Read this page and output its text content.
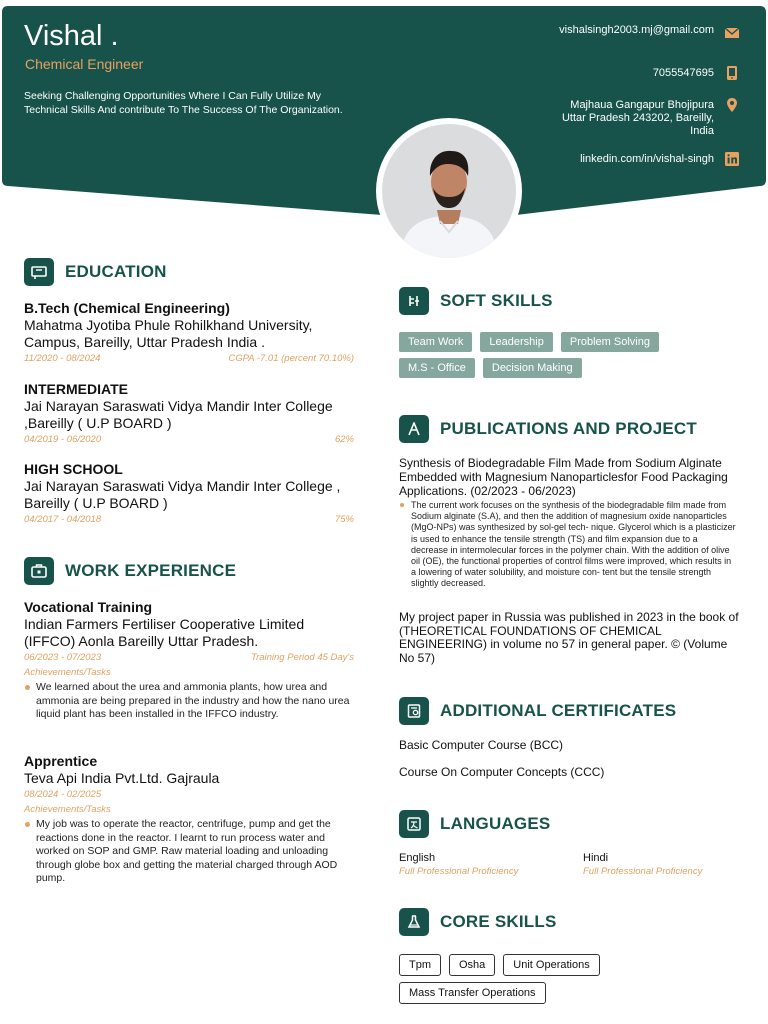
Vishal .
Chemical Engineer
Seeking Challenging Opportunities Where I Can Fully Utilize My Technical Skills And contribute To The Success Of The Organization.
vishalsingh2003.mj@gmail.com
7055547695
Majhaua Gangapur Bhojipura Uttar Pradesh 243202, Bareilly, India
linkedin.com/in/vishal-singh
EDUCATION
B.Tech (Chemical Engineering)
Mahatma Jyotiba Phule Rohilkhand University, Campus, Bareilly, Uttar Pradesh India .
11/2020 - 08/2024	CGPA -7.01 (percent 70.10%)
INTERMEDIATE
Jai Narayan Saraswati Vidya Mandir Inter College ,Bareilly ( U.P BOARD )
04/2019 - 06/2020	62%
HIGH SCHOOL
Jai Narayan Saraswati Vidya Mandir Inter College , Bareilly ( U.P BOARD )
04/2017 - 04/2018	75%
WORK EXPERIENCE
Vocational Training
Indian Farmers Fertiliser Cooperative Limited (IFFCO) Aonla Bareilly Uttar Pradesh.
06/2023 - 07/2023	Training Period 45 Day's
Achievements/Tasks
We learned about the urea and ammonia plants, how urea and ammonia are being prepared in the industry and how the nano urea liquid plant has been installed in the IFFCO industry.
Apprentice
Teva Api India Pvt.Ltd. Gajraula
08/2024 - 02/2025
Achievements/Tasks
My job was to operate the reactor, centrifuge, pump and get the reactions done in the reactor. I learnt to run process water and worked on SOP and GMP. Raw material loading and unloading through globe box and getting the material charged through AOD pump.
SOFT SKILLS
Team Work	Leadership	Problem Solving
M.S - Office	Decision Making
PUBLICATIONS AND PROJECT
Synthesis of Biodegradable Film Made from Sodium Alginate Embedded with Magnesium Nanoparticlesfor Food Packaging Applications. (02/2023 - 06/2023)
The current work focuses on the synthesis of the biodegradable film made from Sodium alginate (S.A), and then the addition of magnesium oxide nanoparticles (MgO-NPs) was synthesized by sol-gel tech- nique. Glycerol which is a plasticizer is used to enhance the tensile strength (TS) and film expansion due to a decrease in intermolecular forces in the polymer chain. With the addition of olive oil (OE), the functional properties of control films were improved, which results in a lowering of water solubility, and moisture con- tent but the tensile strength slightly decreased.
My project paper in Russia was published in 2023 in the book of (THEORETICAL FOUNDATIONS OF CHEMICAL ENGINEERING) in volume no 57 in general paper. © (Volume No 57)
ADDITIONAL CERTIFICATES
Basic Computer Course (BCC)
Course On Computer Concepts (CCC)
LANGUAGES
English
Full Professional Proficiency
Hindi
Full Professional Proficiency
CORE SKILLS
Tpm	Osha	Unit Operations
Mass Transfer Operations
